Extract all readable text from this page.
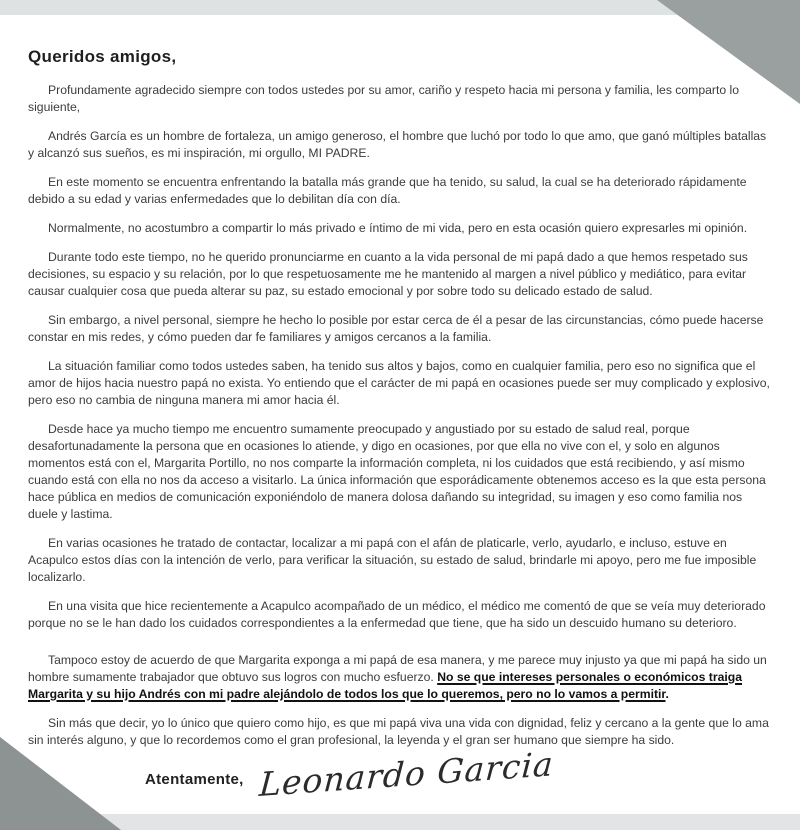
Queridos amigos,

Profundamente agradecido siempre con todos ustedes por su amor, cariño y respeto hacia mi persona y familia, les comparto lo siguiente,

Andrés García es un hombre de fortaleza, un amigo generoso, el hombre que luchó por todo lo que amo, que ganó múltiples batallas y alcanzó sus sueños, es mi inspiración, mi orgullo, MI PADRE.

En este momento se encuentra enfrentando la batalla más grande que ha tenido, su salud, la cual se ha deteriorado rápidamente debido a su edad y varias enfermedades que lo debilitan día con día.

Normalmente, no acostumbro a compartir lo más privado e íntimo de mi vida, pero en esta ocasión quiero expresarles mi opinión.

Durante todo este tiempo, no he querido pronunciarme en cuanto a la vida personal de mi papá dado a que hemos respetado sus decisiones, su espacio y su relación, por lo que respetuosamente me he mantenido al margen a nivel público y mediático, para evitar causar cualquier cosa que pueda alterar su paz, su estado emocional y por sobre todo su delicado estado de salud.

Sin embargo, a nivel personal, siempre he hecho lo posible por estar cerca de él a pesar de las circunstancias, cómo puede hacerse constar en mis redes, y cómo pueden dar fe familiares y amigos cercanos a la familia.

La situación familiar como todos ustedes saben, ha tenido sus altos y bajos, como en cualquier familia, pero eso no significa que el amor de hijos hacia nuestro papá no exista. Yo entiendo que el carácter de mi papá en ocasiones puede ser muy complicado y explosivo, pero eso no cambia de ninguna manera mi amor hacia él.

Desde hace ya mucho tiempo me encuentro sumamente preocupado y angustiado por su estado de salud real, porque desafortunadamente la persona que en ocasiones lo atiende, y digo en ocasiones, por que ella no vive con el, y solo en algunos momentos está con el, Margarita Portillo, no nos comparte la información completa, ni los cuidados que está recibiendo, y así mismo cuando está con ella no nos da acceso a visitarlo. La única información que esporádicamente obtenemos acceso es la que esta persona hace pública en medios de comunicación exponiéndolo de manera dolosa dañando su integridad, su imagen y eso como familia nos duele y lastima.

En varias ocasiones he tratado de contactar, localizar a mi papá con el afán de platicarle, verlo, ayudarlo, e incluso, estuve en Acapulco estos días con la intención de verlo, para verificar la situación, su estado de salud, brindarle mi apoyo, pero me fue imposible localizarlo.

En una visita que hice recientemente a Acapulco acompañado de un médico, el médico me comentó de que se veía muy deteriorado porque no se le han dado los cuidados correspondientes a la enfermedad que tiene, que ha sido un descuido humano su deterioro.

Tampoco estoy de acuerdo de que Margarita exponga a mi papá de esa manera, y me parece muy injusto ya que mi papá ha sido un hombre sumamente trabajador que obtuvo sus logros con mucho esfuerzo. No se que intereses personales o económicos traiga Margarita y su hijo Andrés con mi padre alejándolo de todos los que lo queremos, pero no lo vamos a permitir.

Sin más que decir, yo lo único que quiero como hijo, es que mi papá viva una vida con dignidad, feliz y cercano a la gente que lo ama sin interés alguno, y que lo recordemos como el gran profesional, la leyenda y el gran ser humano que siempre ha sido.

Atentamente, Leonardo Garcia
